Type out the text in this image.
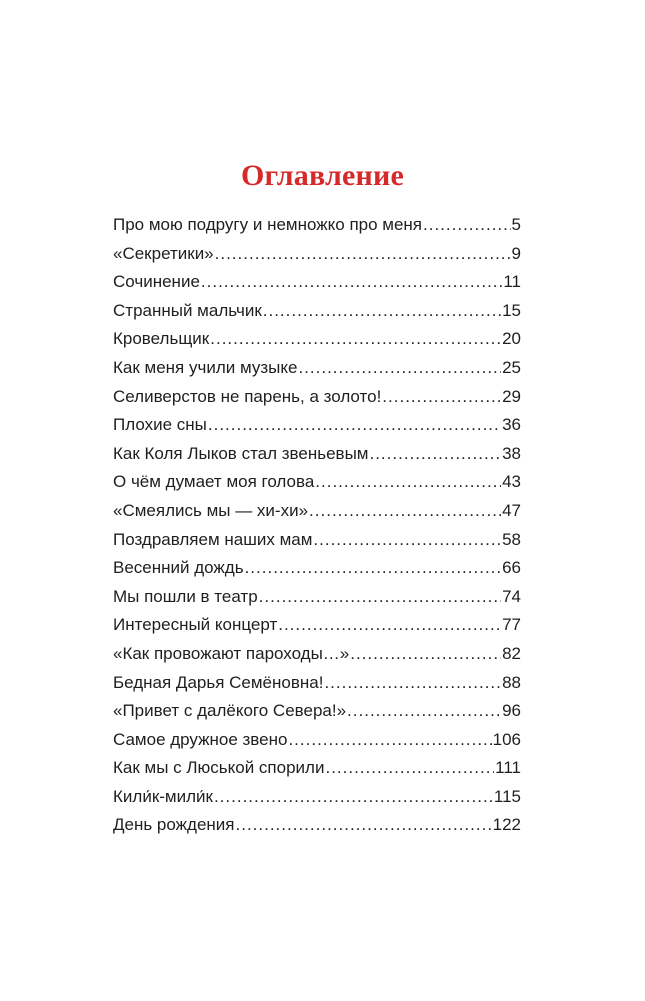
Оглавление
Про мою подругу и немножко про меня .....	5
«Секретики» .....	9
Сочинение .....	11
Странный мальчик .....	15
Кровельщик .....	20
Как меня учили музыке .....	25
Селиверстов не парень, а золото! .....	29
Плохие сны .....	36
Как Коля Лыков стал звеньевым .....	38
О чём думает моя голова .....	43
«Смеялись мы — хи-хи» .....	47
Поздравляем наших мам .....	58
Весенний дождь .....	66
Мы пошли в театр .....	74
Интересный концерт .....	77
«Как провожают пароходы…» .....	82
Бедная Дарья Семёновна! .....	88
«Привет с далёкого Севера!» .....	96
Самое дружное звено .....	106
Как мы с Люськой спорили .....	111
Кили́к-мили́к .....	115
День рождения .....	122
